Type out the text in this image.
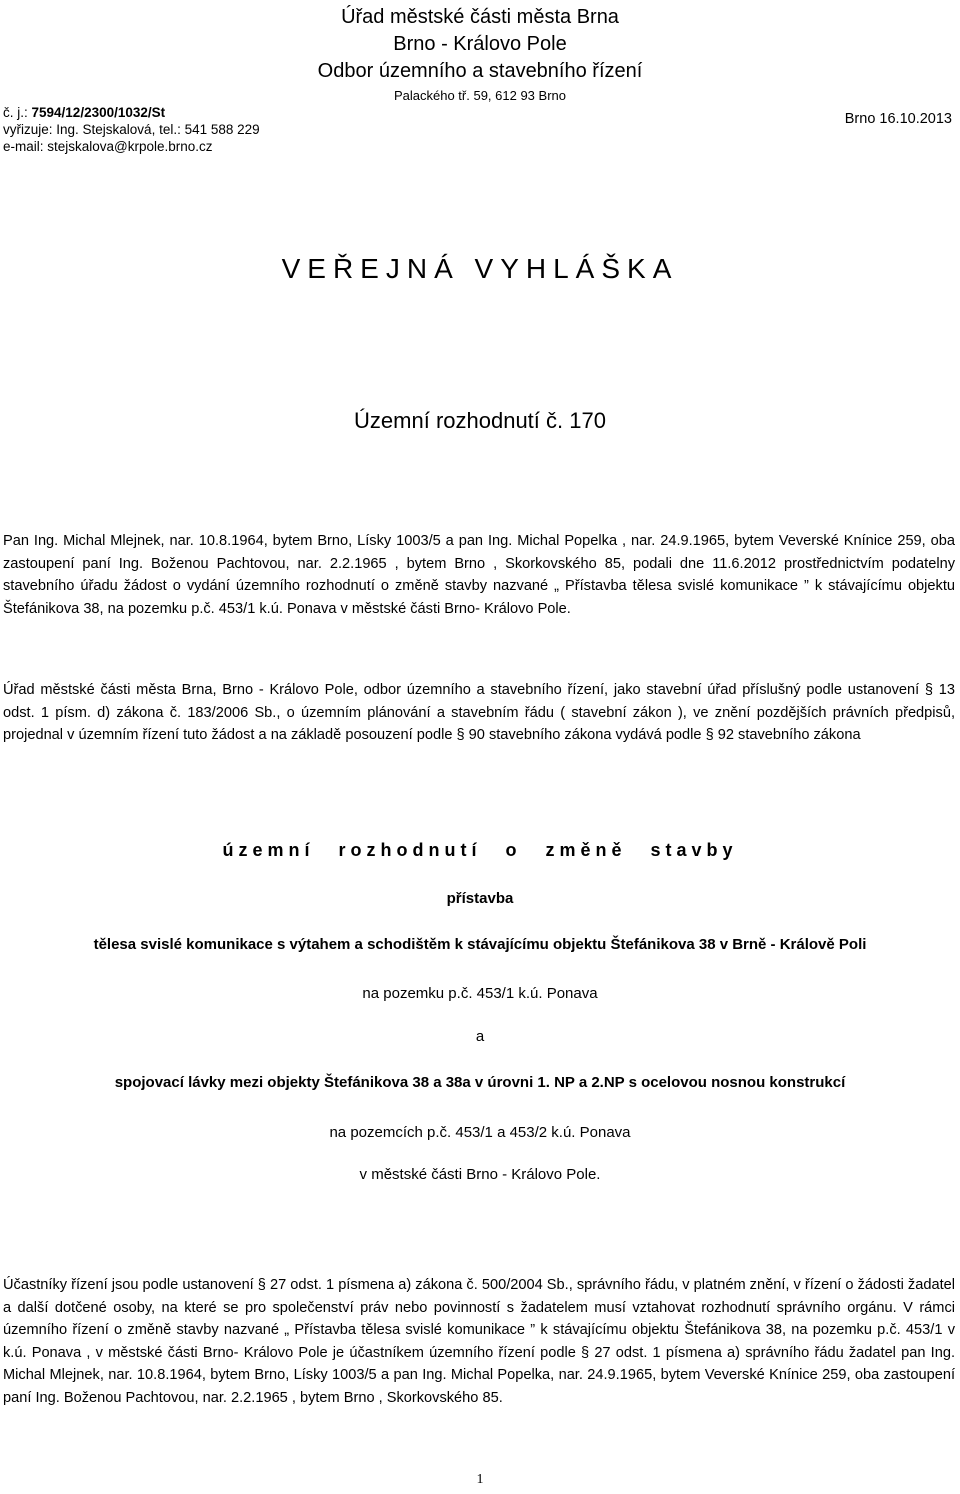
Úřad městské části města Brna
Brno - Královo Pole
Odbor územního a stavebního řízení
Palackého tř. 59, 612 93 Brno
č. j.: 7594/12/2300/1032/St
vyřizuje: Ing. Stejskalová, tel.: 541 588 229
e-mail: stejskalova@krpole.brno.cz
Brno 16.10.2013
VEŘEJNÁ VYHLÁŠKA
Územní rozhodnutí č. 170
Pan Ing. Michal Mlejnek, nar. 10.8.1964, bytem Brno, Lísky 1003/5 a pan Ing. Michal Popelka , nar. 24.9.1965, bytem Veverské Knínice 259, oba zastoupení paní Ing. Boženou Pachtovou, nar. 2.2.1965 , bytem Brno , Skorkovského 85, podali dne 11.6.2012 prostřednictvím podatelny stavebního úřadu žádost o vydání územního rozhodnutí o změně stavby nazvané „ Přístavba tělesa svislé komunikace ” k stávajícímu objektu Štefánikova 38, na pozemku p.č. 453/1 k.ú. Ponava v městské části Brno- Královo Pole.
Úřad městské části města Brna, Brno - Královo Pole, odbor územního a stavebního řízení, jako stavební úřad příslušný podle ustanovení § 13 odst. 1 písm. d) zákona č. 183/2006 Sb., o územním plánování a stavebním řádu ( stavební zákon ), ve znění pozdějších právních předpisů, projednal v územním řízení tuto žádost a na základě posouzení podle § 90 stavebního zákona vydává podle § 92 stavebního zákona
územní rozhodnutí o změně stavby
přístavba
tělesa svislé komunikace s výtahem a schodištěm k stávajícímu objektu Štefánikova 38 v Brně - Králově Poli
na pozemku p.č. 453/1 k.ú. Ponava
a
spojovací lávky mezi objekty Štefánikova 38 a 38a v úrovni 1. NP a 2.NP s ocelovou nosnou konstrukcí
na pozemcích p.č. 453/1 a 453/2 k.ú. Ponava
v městské části Brno - Královo Pole.
Účastníky řízení jsou podle ustanovení § 27 odst. 1 písmena a) zákona č. 500/2004 Sb., správního řádu, v platném znění, v řízení o žádosti žadatel a další dotčené osoby, na které se pro společenství práv nebo povinností s žadatelem musí vztahovat rozhodnutí správního orgánu. V rámci územního řízení o změně stavby nazvané „ Přístavba tělesa svislé komunikace ” k stávajícímu objektu Štefánikova 38, na pozemku p.č. 453/1 v k.ú. Ponava , v městské části Brno- Královo Pole je účastníkem územního řízení podle § 27 odst. 1 písmena a) správního řádu žadatel pan Ing. Michal Mlejnek, nar. 10.8.1964, bytem Brno, Lísky 1003/5 a pan Ing. Michal Popelka, nar. 24.9.1965, bytem Veverské Knínice 259, oba zastoupení paní Ing. Boženou Pachtovou, nar. 2.2.1965 , bytem Brno , Skorkovského 85.
1
